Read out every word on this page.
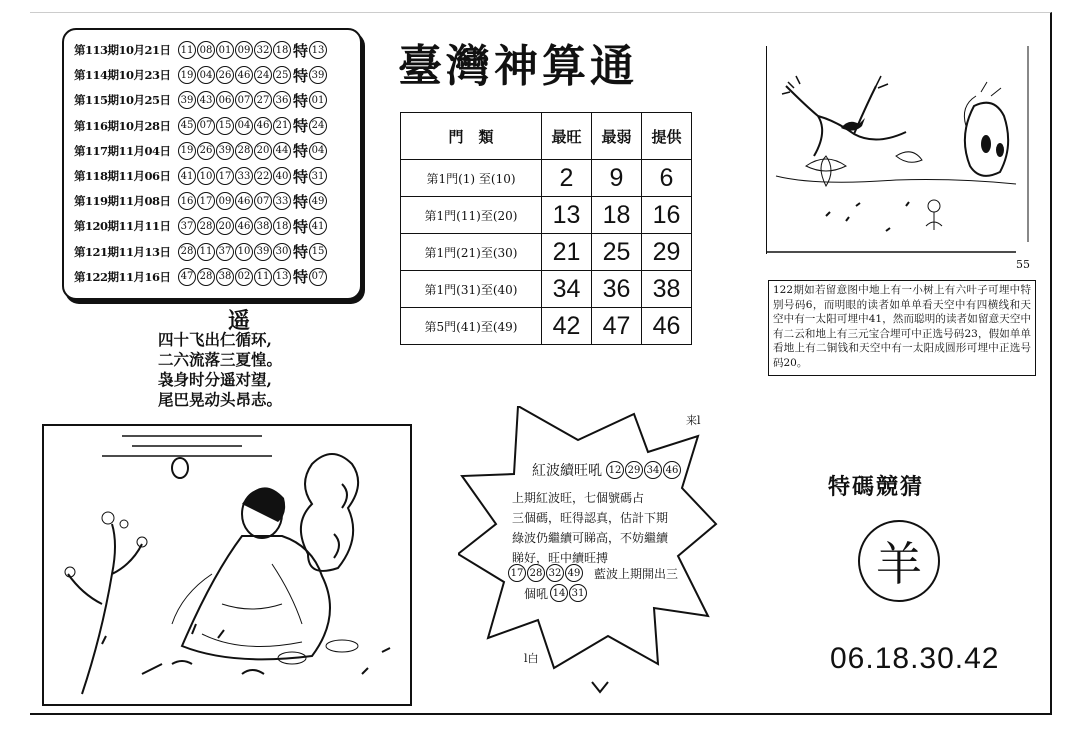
第113期10月21日	11 08 01 09 32 18 特 13
第114期10月23日	19 04 26 46 24 25 特 39
第115期10月25日	39 43 06 07 27 36 特 01
第116期10月28日	45 07 15 04 46 21 特 24
第117期11月04日	19 26 39 28 20 44 特 04
第118期11月06日	41 10 17 33 22 40 特 31
第119期11月08日	16 17 09 46 07 33 特 49
第120期11月11日	37 28 20 46 38 18 特 41
第121期11月13日	28 11 37 10 39 30 特 15
第122期11月16日	47 28 38 02 11 13 特 07
臺灣神算通
門　類	最旺	最弱	提供
第1門(1) 至(10)	2	9	6
第1門(11)至(20)	13	18	16
第1門(21)至(30)	21	25	29
第1門(31)至(40)	34	36	38
第5門(41)至(49)	42	47	46
遥
四十飞出仁循环,
二六流落三夏惶。
袅身时分遥对望,
尾巴晃动头昂志。
55
122期如若留意图中地上有一小树上有六叶子可埋中特别号码6，而明眼的读者如单单看天空中有四横线和天空中有一太阳可埋中41，然而聪明的读者如留意天空中有二云和地上有三元宝合埋可中正选号码23，假如单单看地上有二铜钱和天空中有一太阳成圆形可埋中正选号码20。
来l
l白
紅波續旺吼 12 29 34 46
上期紅波旺，七個號碼占
三個碼，旺得認真，估計下期
綠波仍繼續可睇高，不妨繼續
睇好，旺中續旺搏
17 28 32 49 藍波上期開出三
個吼 14 31
特碼競猜
羊
06.18.30.42
